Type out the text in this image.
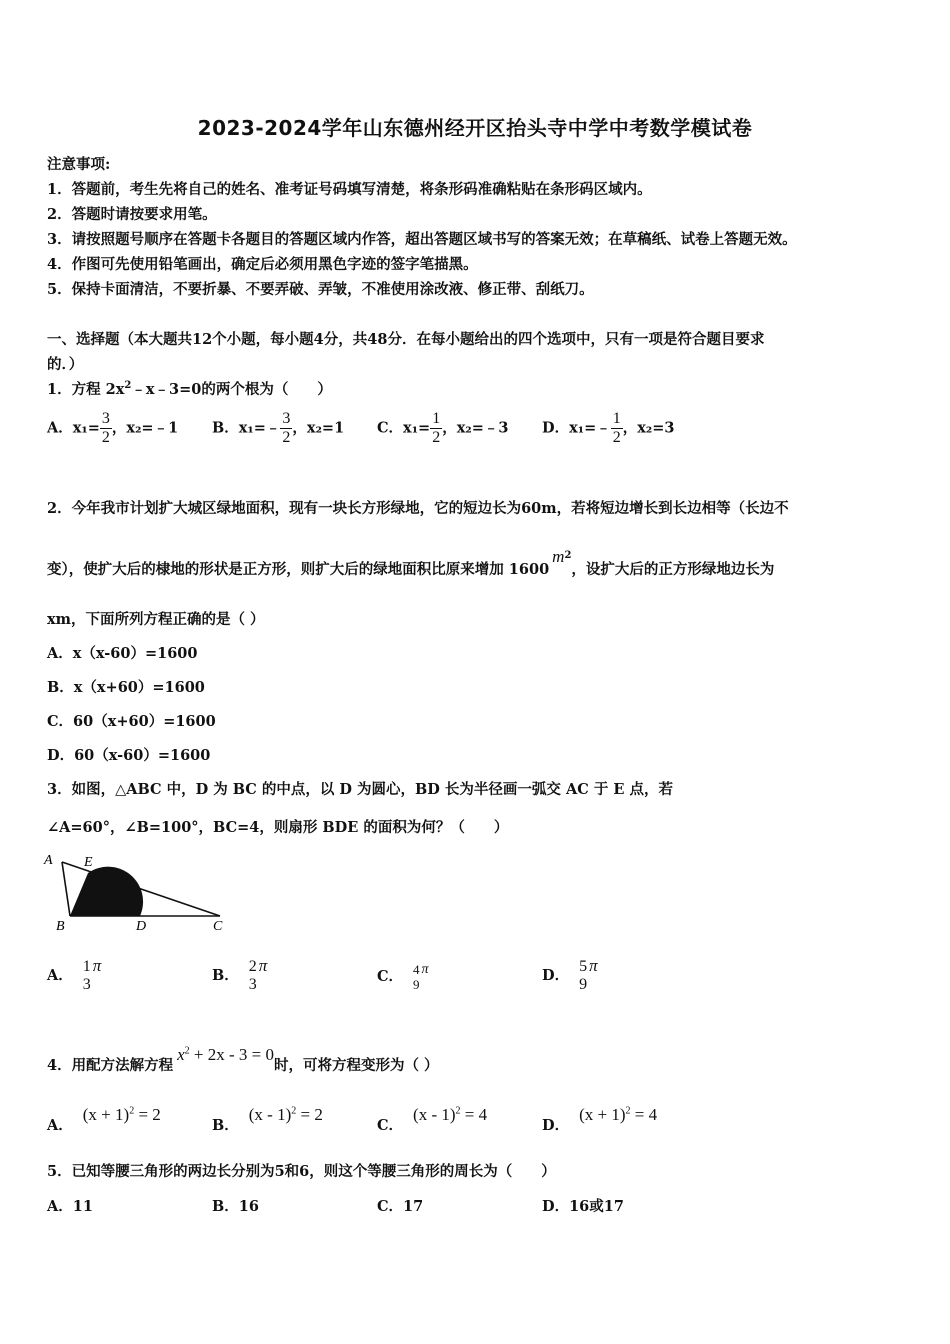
2023-2024学年山东德州经开区抬头寺中学中考数学模试卷
注意事项:
1．答题前，考生先将自己的姓名、准考证号码填写清楚，将条形码准确粘贴在条形码区域内。
2．答题时请按要求用笔。
3．请按照题号顺序在答题卡各题目的答题区域内作答，超出答题区域书写的答案无效；在草稿纸、试卷上答题无效。
4．作图可先使用铅笔画出，确定后必须用黑色字迹的签字笔描黑。
5．保持卡面清洁，不要折暴、不要弄破、弄皱，不准使用涂改液、修正带、刮纸刀。
一、选择题（本大题共12个小题，每小题4分，共48分．在每小题给出的四个选项中，只有一项是符合题目要求
的．）
1．方程 $2x^2﹣x﹣3=0$的两个根为（　　）
A．$x_1= \frac{3}{2}$ ，x₂=﹣1 B．x₁=﹣ $\frac{3}{2}$ ，x₂=1 C．$x_1= \frac{1}{2}$ ，x₂=﹣3 D．x₁=﹣ $\frac{1}{2}$ ，x₂=3
2．今年我市计划扩大城区绿地面积，现有一块长方形绿地，它的短边长为60m，若将短边增长到长边相等（长边不
变），使扩大后的棣地的形状是正方形，则扩大后的绿地面积比原来增加 $1600m^2$，设扩大后的正方形绿地边长为
xm，下面所列方程正确的是（ ）
A．x（x-60）=1600
B．x（x+60）=1600
C．60（x+60）=1600
D．60（x-60）=1600
3．如图，△ABC 中，D 为 BC 的中点，以 D 为圆心，BD 长为半径画一弧交 AC 于 E 点，若
∠A=60°，∠B=100°，BC=4，则扇形 BDE 的面积为何？（　　）
A E
B	D	C
A．
1
3
π
B．
2
3
π
C． 4
9
π	D．
5
9
π
4．用配方法解方程$x^2 + 2x - 3 = 0$时，可将方程变形为（ ）
A．$(x + 1)^2 = 2$
B．(x - 1)$^2$ = 2
C．(x - 1)$^2$ = 4
D．$(x + 1)^2 = 4$
5．已知等腰三角形的两边长分别为5和6，则这个等腰三角形的周长为（　　）
A．11	B．16	C．17	D．16或17
